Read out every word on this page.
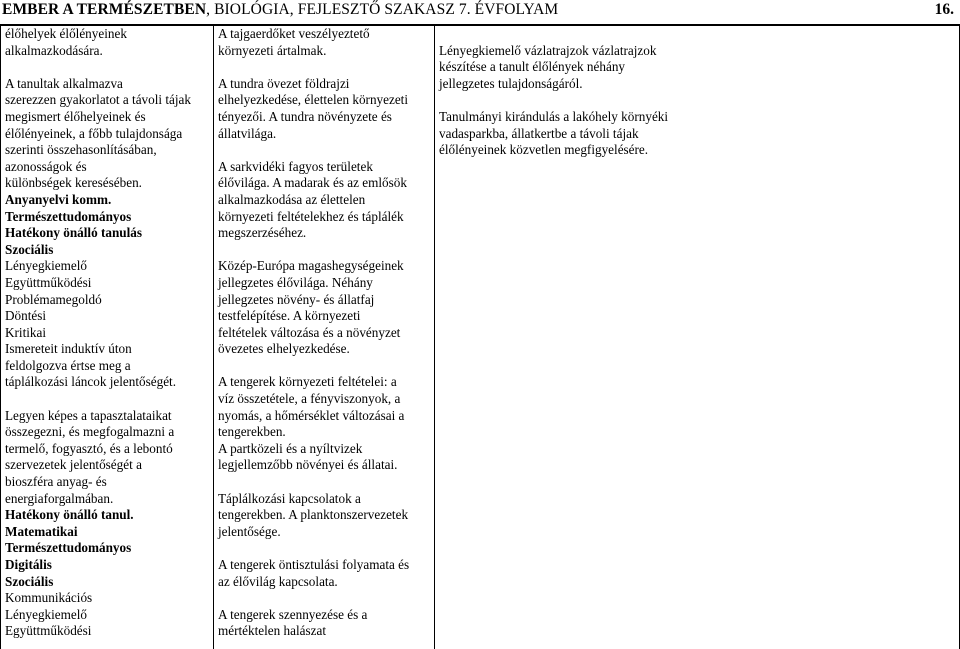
EMBER A TERMÉSZETBEN, BIOLÓGIA, FEJLESZTŐ SZAKASZ 7. ÉVFOLYAM	16.
élőhelyek élőlényeinek
alkalmazkodására.
A tanultak alkalmazva
szerezzen gyakorlatot a távoli tájak
megismert élőhelyeinek és
élőlényeinek, a főbb tulajdonsága
szerinti összehasonlításában,
azonosságok és
különbségek keresésében.
Anyanyelvi komm.
Természettudományos
Hatékony önálló tanulás
Szociális
Lényegkiemelő
Együttműködési
Problémamegoldó
Döntési
Kritikai
Ismereteit induktív úton
feldolgozva értse meg a
táplálkozási láncok jelentőségét.
Legyen képes a tapasztalataikat
összegezni, és megfogalmazni a
termelő, fogyasztó, és a lebontó
szervezetek jelentőségét a
bioszféra anyag- és
energiaforgalmában.
Hatékony önálló tanul.
Matematikai
Természettudományos
Digitális
Szociális
Kommunikációs
Lényegkiemelő
Együttműködési
A tajgaerdőket veszélyeztető
környezeti ártalmak.
A tundra övezet földrajzi
elhelyezkedése, élettelen környezeti
tényezői. A tundra növényzete és
állatvilága.
A sarkvidéki fagyos területek
élővilága. A madarak és az emlősök
alkalmazkodása az élettelen
környezeti feltételekhez és táplálék
megszerzéséhez.
Közép-Európa magashegységeinek
jellegzetes élővilága. Néhány
jellegzetes növény- és állatfaj
testfelépítése. A környezeti
feltételek változása és a növényzet
övezetes elhelyezkedése.
A tengerek környezeti feltételei: a
víz összetétele, a fényviszonyok, a
nyomás, a hőmérséklet változásai a
tengerekben.
A partközeli és a nyíltvizek
legjellemzőbb növényei és állatai.
Táplálkozási kapcsolatok a
tengerekben. A planktonszervezetek
jelentősége.
A tengerek öntisztulási folyamata és
az élővilág kapcsolata.
A tengerek szennyezése és a
mértéktelen halászat
Lényegkiemelő vázlatrajzok vázlatrajzok
készítése a tanult élőlények néhány
jellegzetes tulajdonságáról.
Tanulmányi kirándulás a lakóhely környéki
vadasparkba, állatkertbe a távoli tájak
élőlényeinek közvetlen megfigyelésére.
